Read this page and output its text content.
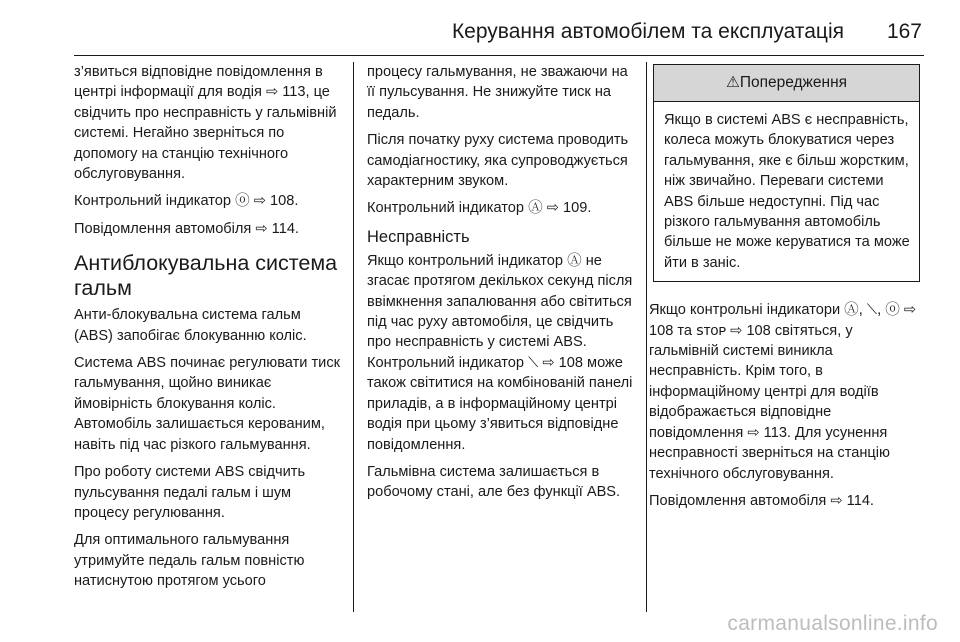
Керування автомобілем та експлуатація 167

з’явиться відповідне повідомлення в центрі інформації для водія ⇨ 113, це свідчить про несправність у гальмівній системі. Негайно зверніться по допомогу на станцію технічного обслуговування.

Контрольний індикатор ⓞ ⇨ 108.

Повідомлення автомобіля ⇨ 114.

Антиблокувальна система гальм

Анти-блокувальна система гальм (ABS) запобігає блокуванню коліс.

Система ABS починає регулювати тиск гальмування, щойно виникає ймовірність блокування коліс. Автомобіль залишається керованим, навіть під час різкого гальмування.

Про роботу системи ABS свідчить пульсування педалі гальм і шум процесу регулювання.

Для оптимального гальмування утримуйте педаль гальм повністю натиснутою протягом усього

процесу гальмування, не зважаючи на її пульсування. Не знижуйте тиск на педаль.

Після початку руху система проводить самодіагностику, яка супроводжується характерним звуком.

Контрольний індикатор Ⓐ ⇨ 109.

Несправність

Якщо контрольний індикатор Ⓐ не згасає протягом декількох секунд після ввімкнення запалювання або світиться під час руху автомобіля, це свідчить про несправність у системі ABS. Контрольний індикатор ⟍ ⇨ 108 може також світитися на комбінованій панелі приладів, а в інформаційному центрі водія при цьому з’явиться відповідне повідомлення.

Гальмівна система залишається в робочому стані, але без функції ABS.

⚠Попередження
Якщо в системі ABS є несправність, колеса можуть блокуватися через гальмування, яке є більш жорстким, ніж звичайно. Переваги системи ABS більше недоступні. Під час різкого гальмування автомобіль більше не може керуватися та може йти в заніс.

Якщо контрольні індикатори Ⓐ, ⟍, ⓞ ⇨ 108 та ꜱᴛᴏᴘ ⇨ 108 світяться, у гальмівній системі виникла несправність. Крім того, в інформаційному центрі для водіїв відображається відповідне повідомлення ⇨ 113. Для усунення несправності зверніться на станцію технічного обслуговування.

Повідомлення автомобіля ⇨ 114.

carmanualsonline.info
